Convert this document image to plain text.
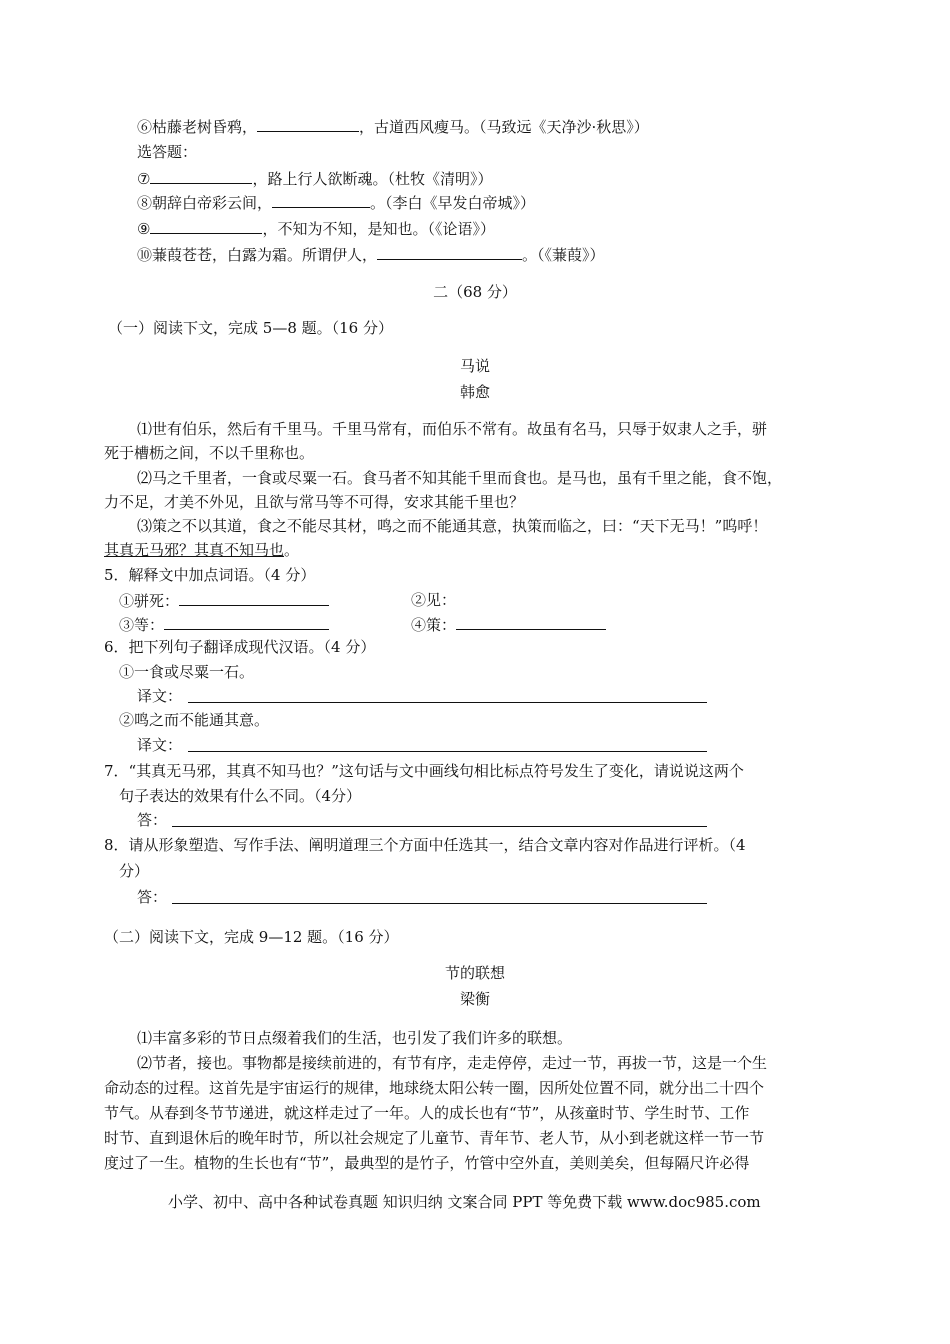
⑥枯藤老树昏鸦，	，古道西风瘦马。（马致远《天净沙·秋思》）
选答题：
⑦	，路上行人欲断魂。（杜牧《清明》）
⑧朝辞白帝彩云间，	。（李白《早发白帝城》）
⑨	，不知为不知，是知也。（《论语》）
⑩蒹葭苍苍，白露为霜。所谓伊人，	。（《蒹葭》）
二（68 分）
（一）阅读下文，完成 5—8 题。（16 分）
马说
韩愈
⑴世有伯乐，然后有千里马。千里马常有，而伯乐不常有。故虽有名马，只辱于奴隶人之手，骈
死于槽枥之间，不以千里称也。
⑵马之千里者，一食或尽粟一石。食马者不知其能千里而食也。是马也，虽有千里之能，食不饱，
力不足，才美不外见，且欲与常马等不可得，安求其能千里也？
⑶策之不以其道，食之不能尽其材，鸣之而不能通其意，执策而临之，曰：“天下无马！”呜呼！
其真无马邪？其真不知马也。
5．解释文中加点词语。（4 分）
①骈死：	②见：
③等：	④策：
6．把下列句子翻译成现代汉语。（4 分）
①一食或尽粟一石。
译文：
②鸣之而不能通其意。
译文：
7．“其真无马邪，其真不知马也？”这句话与文中画线句相比标点符号发生了变化，请说说这两个
句子表达的效果有什么不同。（4分）
答：
8．请从形象塑造、写作手法、阐明道理三个方面中任选其一，结合文章内容对作品进行评析。（4
分）
答：
（二）阅读下文，完成 9—12 题。（16 分）
节的联想
梁衡
⑴丰富多彩的节日点缀着我们的生活，也引发了我们许多的联想。
⑵节者，接也。事物都是接续前进的，有节有序，走走停停，走过一节，再拔一节，这是一个生
命动态的过程。这首先是宇宙运行的规律，地球绕太阳公转一圈，因所处位置不同，就分出二十四个
节气。从春到冬节节递进，就这样走过了一年。人的成长也有“节”，从孩童时节、学生时节、工作
时节、直到退休后的晚年时节，所以社会规定了儿童节、青年节、老人节，从小到老就这样一节一节
度过了一生。植物的生长也有“节”，最典型的是竹子，竹管中空外直，美则美矣，但每隔尺许必得
小学、初中、高中各种试卷真题 知识归纳 文案合同 PPT 等免费下载 www.doc985.com
